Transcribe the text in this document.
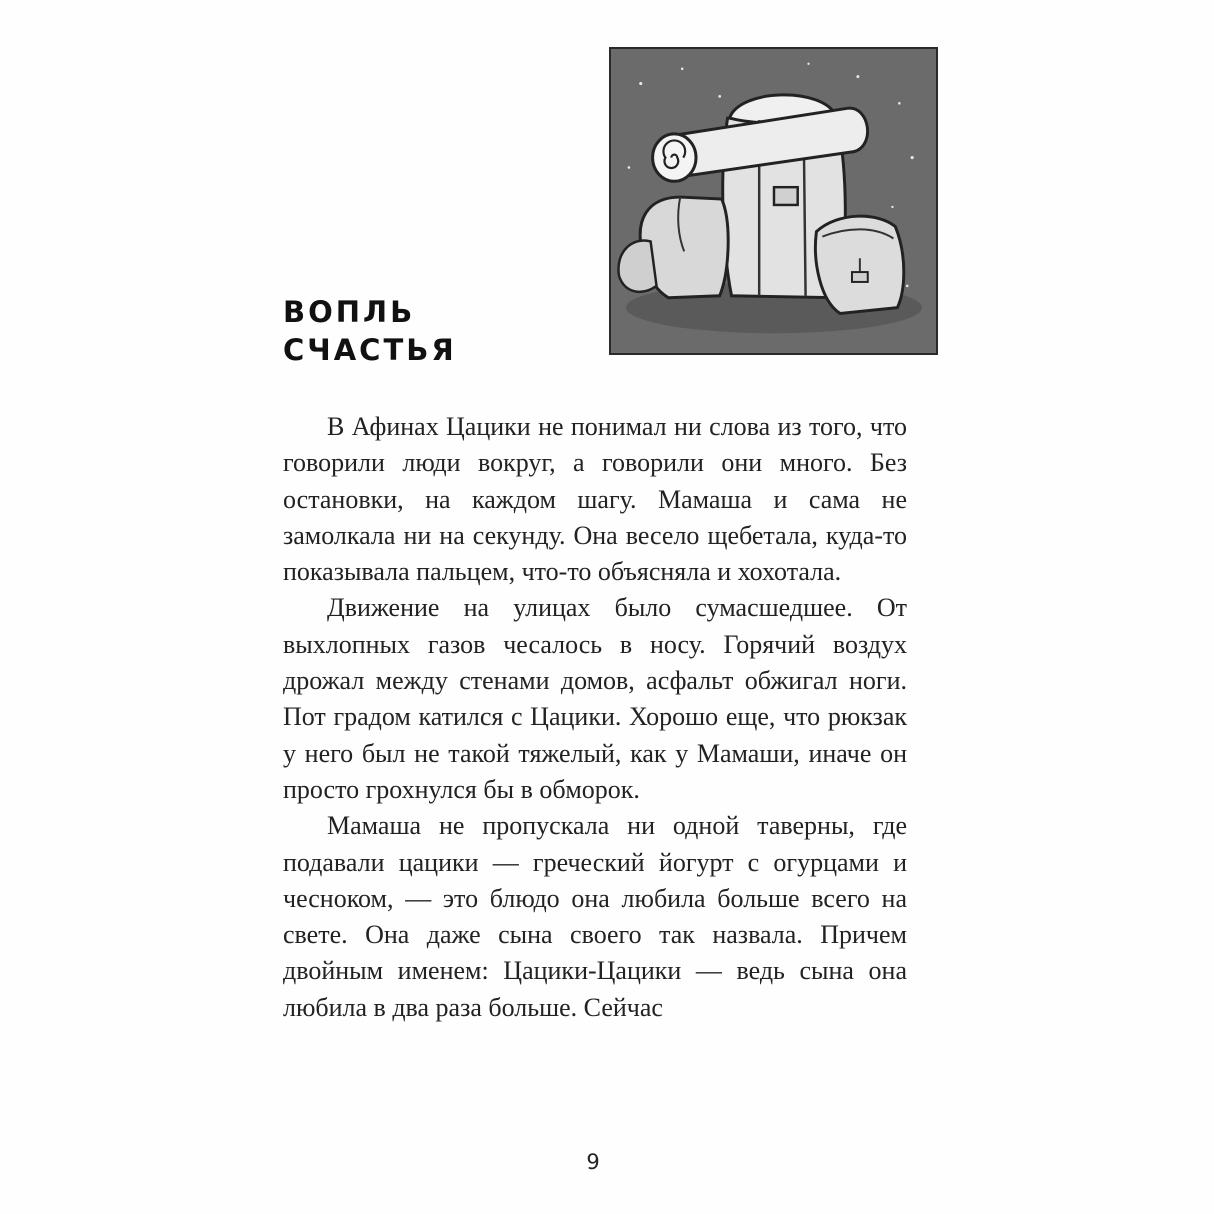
ВОПЛЬ
СЧАСТЬЯ

В Афинах Цацики не понимал ни слова из того, что говорили люди вокруг, а говорили они много. Без остановки, на каждом шагу. Мамаша и сама не замолкала ни на секунду. Она весело щебетала, куда-то показывала пальцем, что-то объясняла и хохотала.

Движение на улицах было сумасшедшее. От выхлопных газов чесалось в носу. Горячий воздух дрожал между стенами домов, асфальт обжигал ноги. Пот градом катился с Цацики. Хорошо еще, что рюкзак у него был не такой тяжелый, как у Мамаши, иначе он просто грохнулся бы в обморок.

Мамаша не пропускала ни одной таверны, где подавали цацики — греческий йогурт с огурцами и чесноком, — это блюдо она любила больше всего на свете. Она даже сына своего так назвала. Причем двойным именем: Цацики-Цацики — ведь сына она любила в два раза больше. Сейчас

9
